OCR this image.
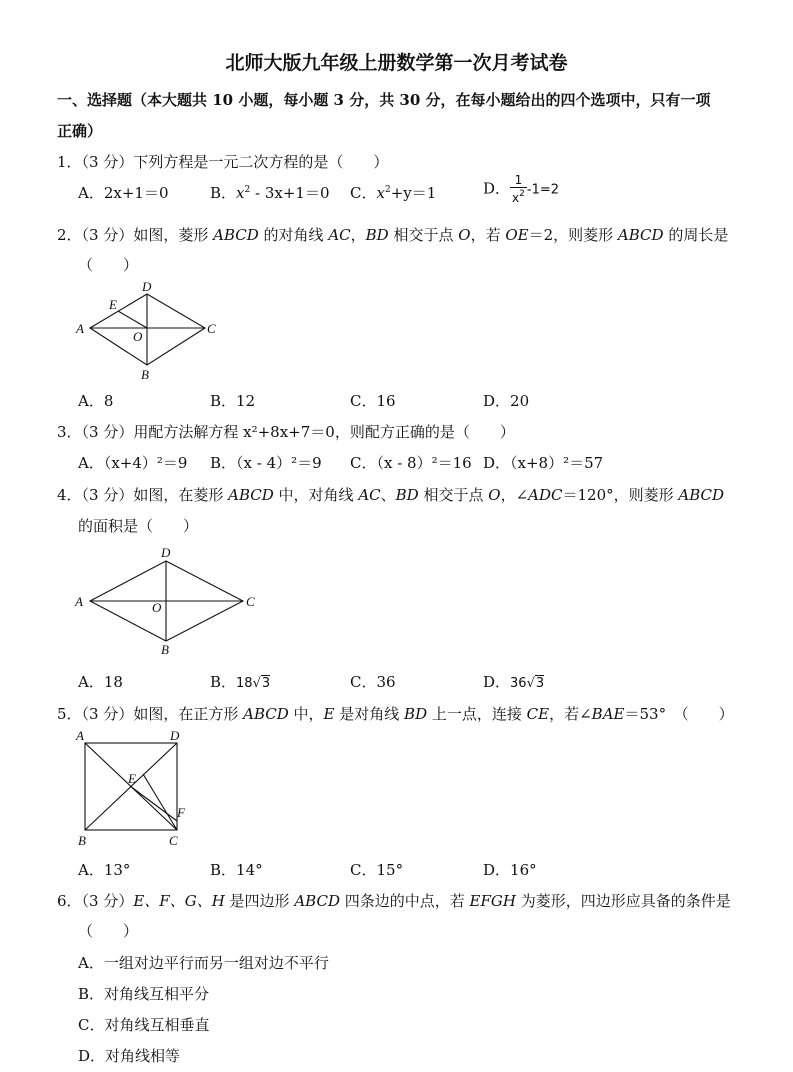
北师大版九年级上册数学第一次月考试卷
一、选择题（本大题共 10 小题，每小题 3 分，共 30 分，在每小题给出的四个选项中，只有一项
正确）
1．（3 分）下列方程是一元二次方程的是（　　）
A．2x+1＝0	B．$x^2 - 3x+1=0$ C．$x^2+y=1$	D． $\frac{1}{x^2} -1=2$
2．（3 分）如图，菱形 ABCD 的对角线 AC，BD 相交于点 O，若 OE＝2，则菱形 ABCD 的周长是
（　　）
A
D
C
B
E
O
A．8	B．12	C．16	D．20
3．（3 分）用配方法解方程 x²+8x+7＝0，则配方正确的是（　　）
A．（x+4）²＝9 B．（x - 4）²＝9 C．（x - 8）²＝16 D．（x+8）²＝57
4．（3 分）如图，在菱形 ABCD 中，对角线 AC、BD 相交于点 O，∠ADC＝120°，则菱形 ABCD
的面积是（　　）
A
D
C
B
O
A．18	B．18√3	C．36	D．36√3
5．（3 分）如图，在正方形 ABCD 中，E 是对角线 BD 上一点，连接 CE，若∠BAE＝53°　（　　）
A	D
E
F
B	C
A．13°	B．14°	C．15°	D．16°
6．（3 分）E、F、G、H 是四边形 ABCD 四条边的中点，若 EFGH 为菱形，四边形应具备的条件是
（　　）
A．一组对边平行而另一组对边不平行
B．对角线互相平分
C．对角线互相垂直
D．对角线相等
